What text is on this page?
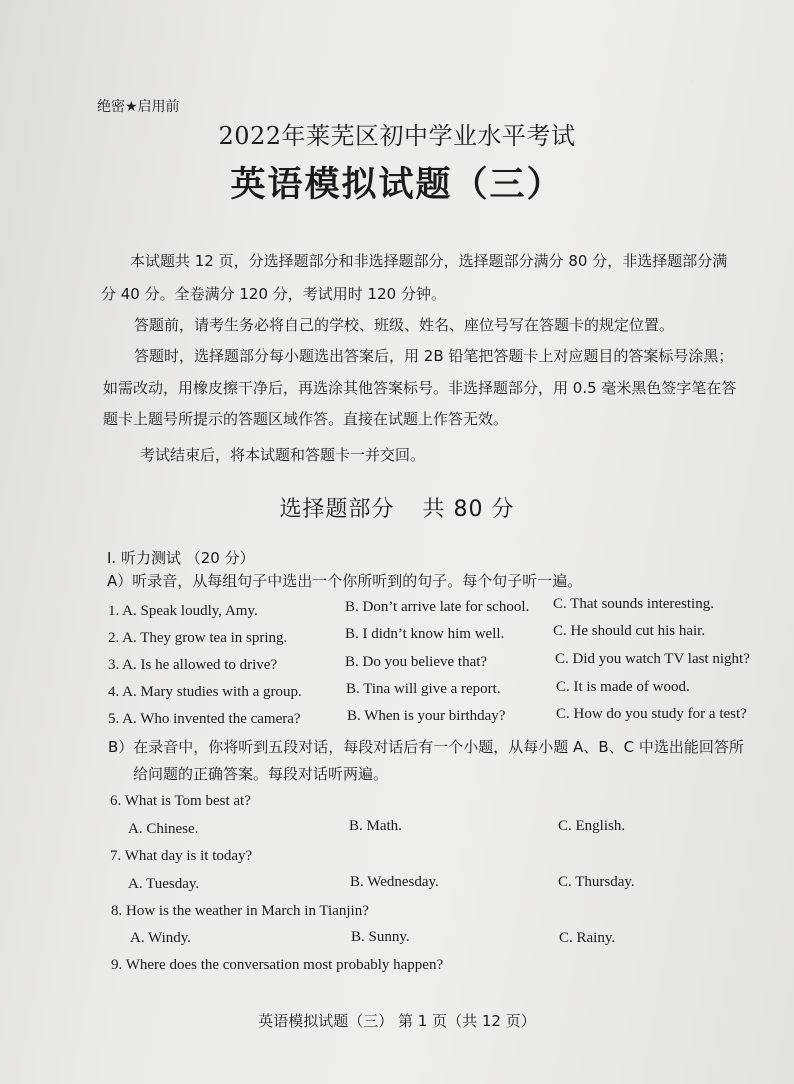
.
绝密★启用前
2022年莱芜区初中学业水平考试
英语模拟试题（三）
本试题共 12 页，分选择题部分和非选择题部分，选择题部分满分 80 分，非选择题部分满
分 40 分。全卷满分 120 分，考试用时 120 分钟。
答题前，请考生务必将自己的学校、班级、姓名、座位号写在答题卡的规定位置。
答题时，选择题部分每小题选出答案后，用 2B 铅笔把答题卡上对应题目的答案标号涂黑；
如需改动，用橡皮擦干净后，再选涂其他答案标号。非选择题部分，用 0.5 毫米黑色签字笔在答
题卡上题号所提示的答题区域作答。直接在试题上作答无效。
考试结束后，将本试题和答题卡一并交回。
选择题部分 共 80 分
I. 听力测试 （20 分）
A）听录音，从每组句子中选出一个你所听到的句子。每个句子听一遍。
1. A. Speak loudly, Amy.	B. Don’t arrive late for school. C. That sounds interesting.
2. A. They grow tea in spring.	B. I didn’t know him well.	C. He should cut his hair.
3. A. Is he allowed to drive?	B. Do you believe that?	C. Did you watch TV last night?
4. A. Mary studies with a group.	B. Tina will give a report.	C. It is made of wood.
5. A. Who invented the camera?	B. When is your birthday?	C. How do you study for a test?
B）在录音中，你将听到五段对话，每段对话后有一个小题，从每小题 A、B、C 中选出能回答所
给问题的正确答案。每段对话听两遍。
6. What is Tom best at?
A. Chinese.	B. Math.	C. English.
7. What day is it today?
A. Tuesday.	B. Wednesday.	C. Thursday.
8. How is the weather in March in Tianjin?
A. Windy.	B. Sunny.	C. Rainy.
9. Where does the conversation most probably happen?
英语模拟试题（三） 第 1 页（共 12 页）
